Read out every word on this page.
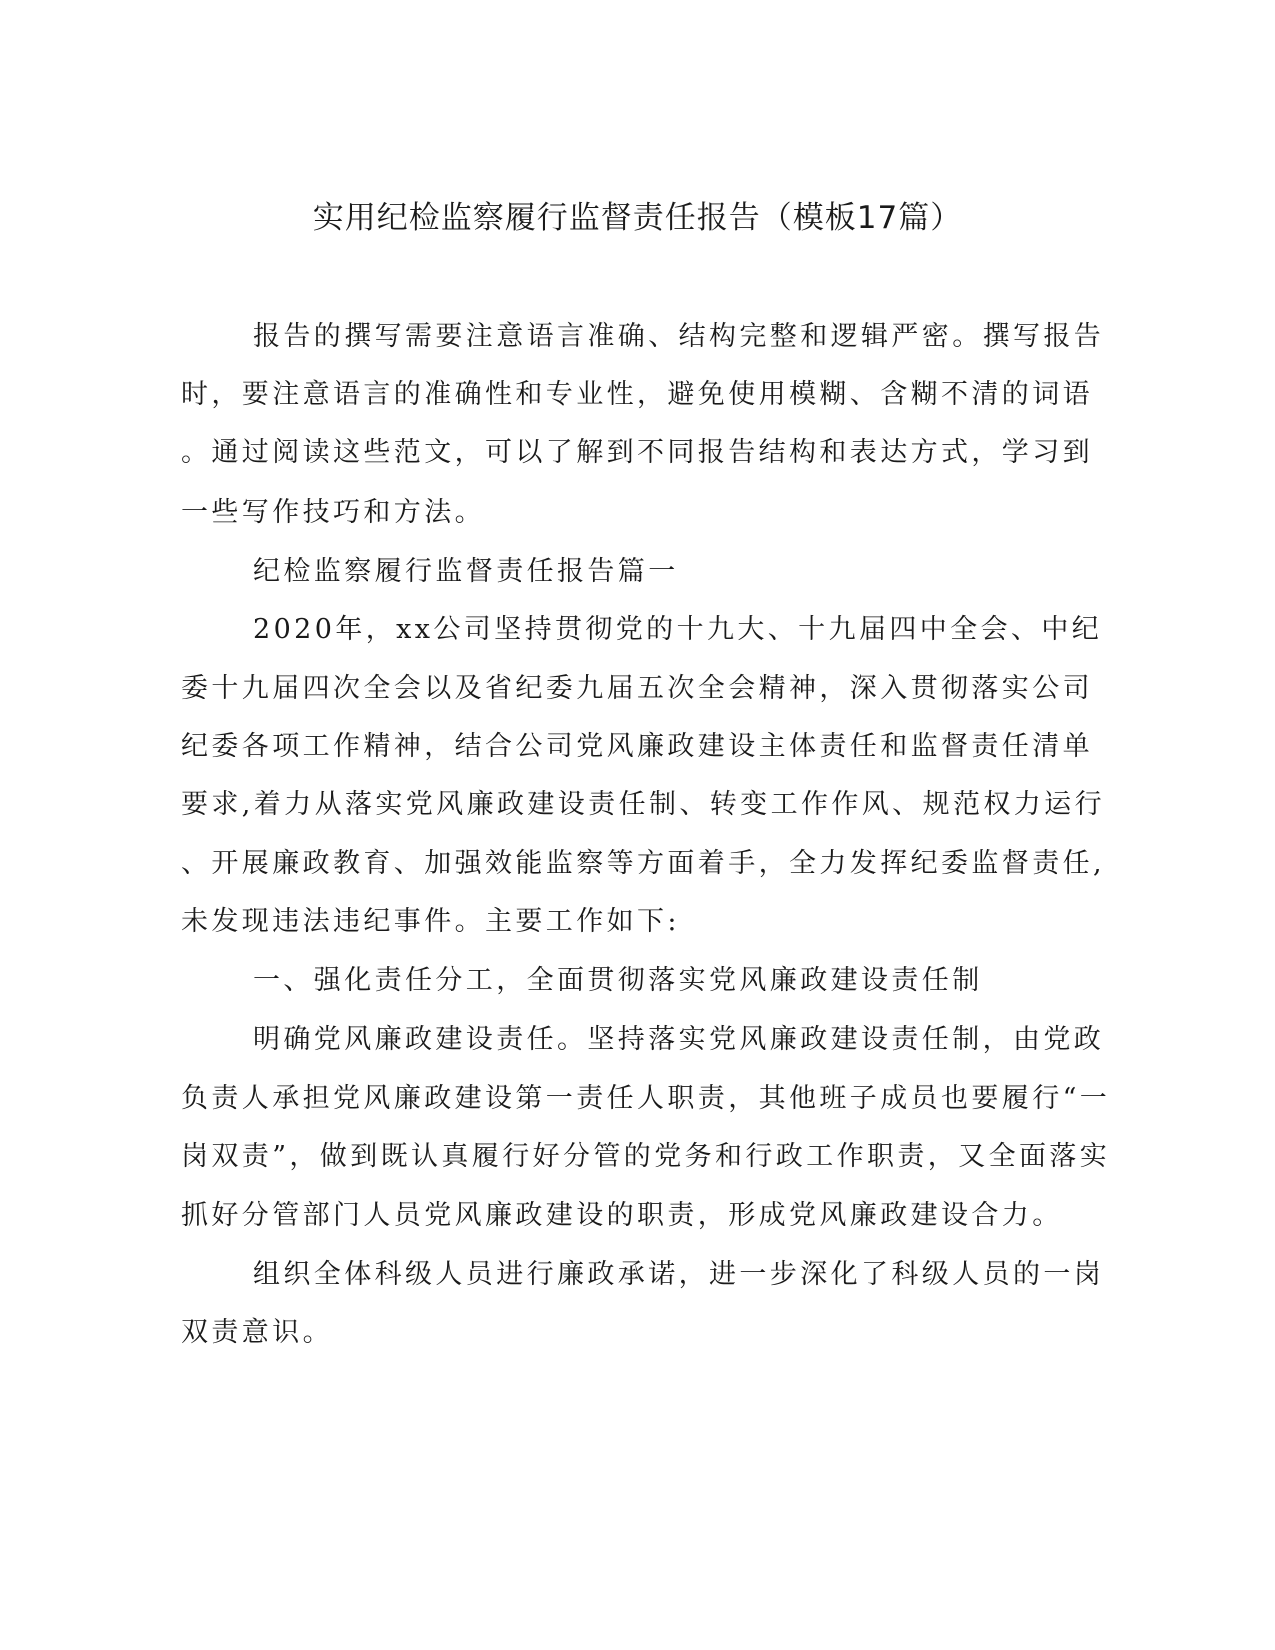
实用纪检监察履行监督责任报告（模板17篇）
报告的撰写需要注意语言准确、结构完整和逻辑严密。撰写报告
时，要注意语言的准确性和专业性，避免使用模糊、含糊不清的词语
。通过阅读这些范文，可以了解到不同报告结构和表达方式，学习到
一些写作技巧和方法。
纪检监察履行监督责任报告篇一
2020年，xx公司坚持贯彻党的十九大、十九届四中全会、中纪
委十九届四次全会以及省纪委九届五次全会精神，深入贯彻落实公司
纪委各项工作精神，结合公司党风廉政建设主体责任和监督责任清单
要求,着力从落实党风廉政建设责任制、转变工作作风、规范权力运行
、开展廉政教育、加强效能监察等方面着手，全力发挥纪委监督责任,
未发现违法违纪事件。主要工作如下:
一、强化责任分工，全面贯彻落实党风廉政建设责任制
明确党风廉政建设责任。坚持落实党风廉政建设责任制，由党政
负责人承担党风廉政建设第一责任人职责，其他班子成员也要履行“一
岗双责”，做到既认真履行好分管的党务和行政工作职责，又全面落实
抓好分管部门人员党风廉政建设的职责，形成党风廉政建设合力。
组织全体科级人员进行廉政承诺，进一步深化了科级人员的一岗
双责意识。
